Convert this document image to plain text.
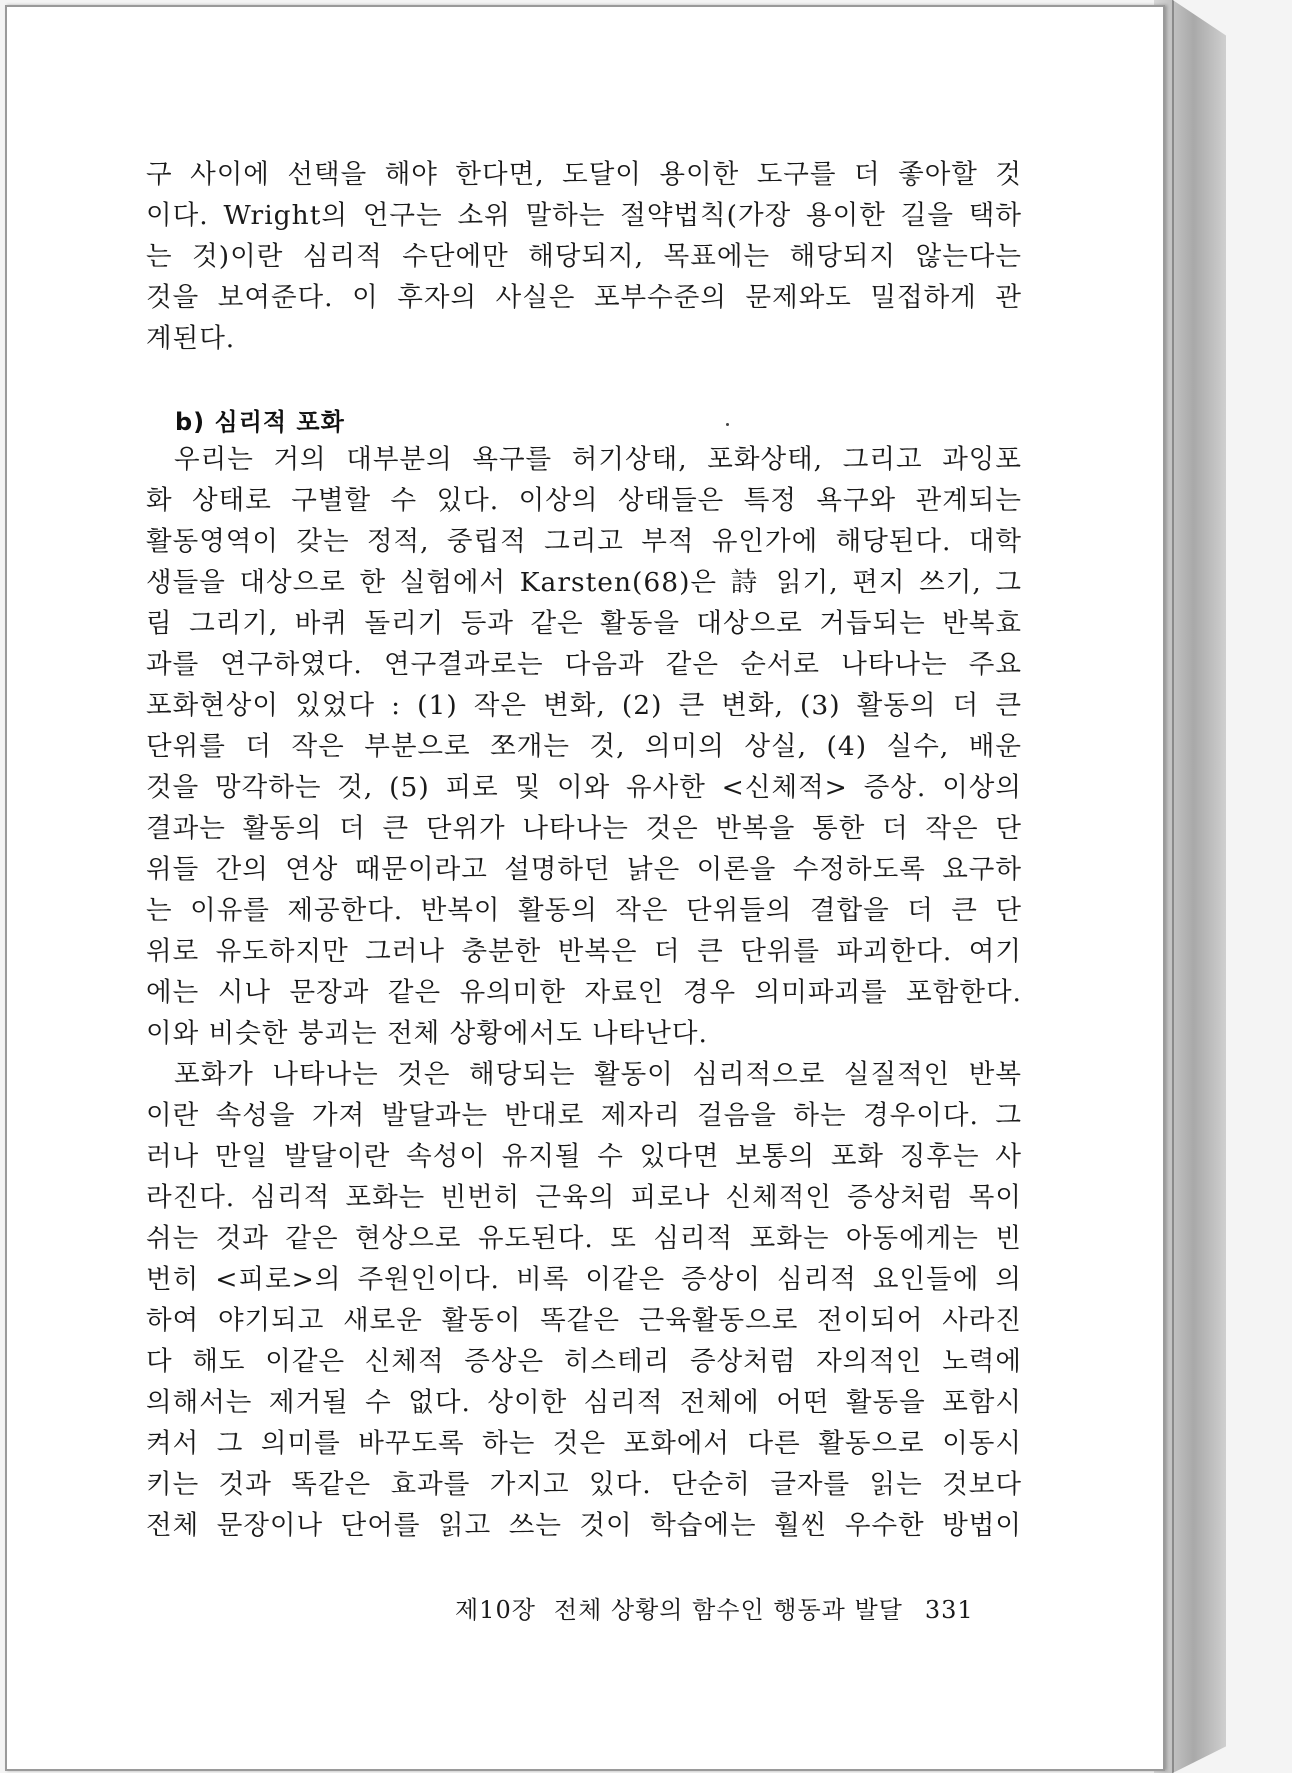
구 사이에 선택을 해야 한다면, 도달이 용이한 도구를 더 좋아할 것
이다. Wright의 언구는 소위 말하는 절약법칙(가장 용이한 길을 택하
는 것)이란 심리적 수단에만 해당되지, 목표에는 해당되지 않는다는
것을 보여준다. 이 후자의 사실은 포부수준의 문제와도 밀접하게 관
계된다.
b) 심리적 포화
우리는 거의 대부분의 욕구를 허기상태, 포화상태, 그리고 과잉포
화 상태로 구별할 수 있다. 이상의 상태들은 특정 욕구와 관계되는
활동영역이 갖는 정적, 중립적 그리고 부적 유인가에 해당된다. 대학
생들을 대상으로 한 실험에서 Karsten(68)은 詩 읽기, 편지 쓰기, 그
림 그리기, 바퀴 돌리기 등과 같은 활동을 대상으로 거듭되는 반복효
과를 연구하였다. 연구결과로는 다음과 같은 순서로 나타나는 주요
포화현상이 있었다 : (1) 작은 변화, (2) 큰 변화, (3) 활동의 더 큰
단위를 더 작은 부분으로 쪼개는 것, 의미의 상실, (4) 실수, 배운
것을 망각하는 것, (5) 피로 및 이와 유사한 <신체적> 증상. 이상의
결과는 활동의 더 큰 단위가 나타나는 것은 반복을 통한 더 작은 단
위들 간의 연상 때문이라고 설명하던 낡은 이론을 수정하도록 요구하
는 이유를 제공한다. 반복이 활동의 작은 단위들의 결합을 더 큰 단
위로 유도하지만 그러나 충분한 반복은 더 큰 단위를 파괴한다. 여기
에는 시나 문장과 같은 유의미한 자료인 경우 의미파괴를 포함한다.
이와 비슷한 붕괴는 전체 상황에서도 나타난다.
포화가 나타나는 것은 해당되는 활동이 심리적으로 실질적인 반복
이란 속성을 가져 발달과는 반대로 제자리 걸음을 하는 경우이다. 그
러나 만일 발달이란 속성이 유지될 수 있다면 보통의 포화 징후는 사
라진다. 심리적 포화는 빈번히 근육의 피로나 신체적인 증상처럼 목이
쉬는 것과 같은 현상으로 유도된다. 또 심리적 포화는 아동에게는 빈
번히 <피로>의 주원인이다. 비록 이같은 증상이 심리적 요인들에 의
하여 야기되고 새로운 활동이 똑같은 근육활동으로 전이되어 사라진
다 해도 이같은 신체적 증상은 히스테리 증상처럼 자의적인 노력에
의해서는 제거될 수 없다. 상이한 심리적 전체에 어떤 활동을 포함시
켜서 그 의미를 바꾸도록 하는 것은 포화에서 다른 활동으로 이동시
키는 것과 똑같은 효과를 가지고 있다. 단순히 글자를 읽는 것보다
전체 문장이나 단어를 읽고 쓰는 것이 학습에는 훨씬 우수한 방법이
제10장 전체 상황의 함수인 행동과 발달 331
